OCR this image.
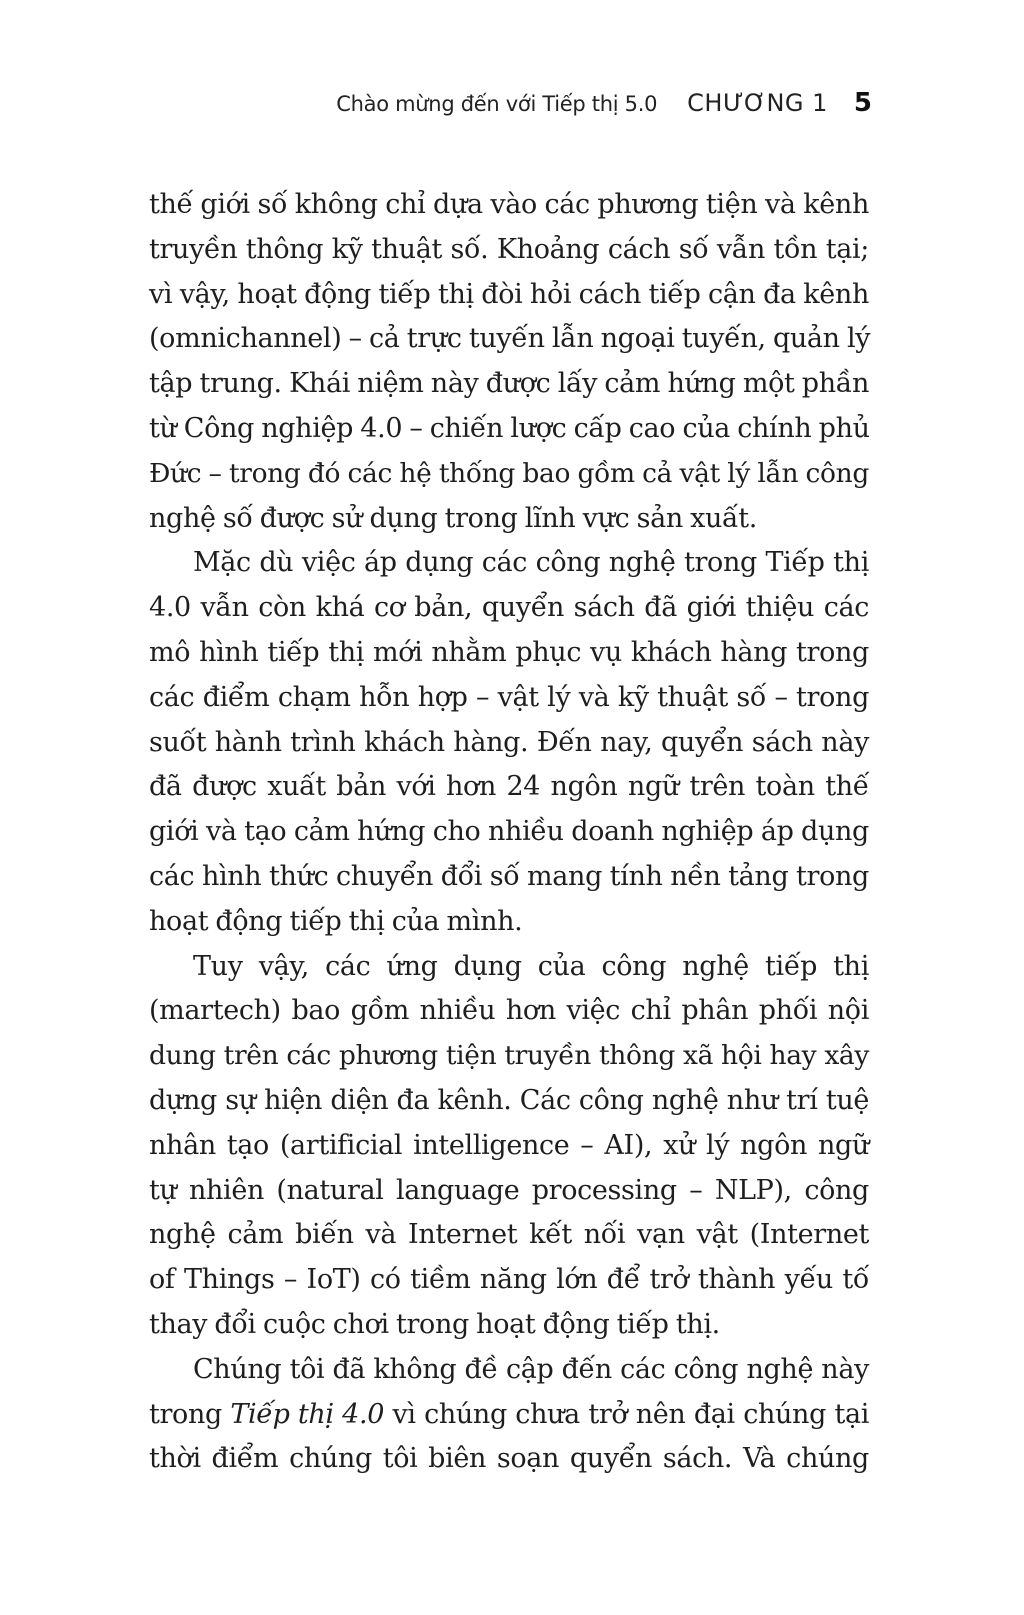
Chào mừng đến với Tiếp thị 5.0 CHƯƠNG 1 5

thế giới số không chỉ dựa vào các phương tiện và kênh
truyền thông kỹ thuật số. Khoảng cách số vẫn tồn tại;
vì vậy, hoạt động tiếp thị đòi hỏi cách tiếp cận đa kênh
(omnichannel) – cả trực tuyến lẫn ngoại tuyến, quản lý
tập trung. Khái niệm này được lấy cảm hứng một phần
từ Công nghiệp 4.0 – chiến lược cấp cao của chính phủ
Đức – trong đó các hệ thống bao gồm cả vật lý lẫn công
nghệ số được sử dụng trong lĩnh vực sản xuất.

Mặc dù việc áp dụng các công nghệ trong Tiếp thị
4.0 vẫn còn khá cơ bản, quyển sách đã giới thiệu các
mô hình tiếp thị mới nhằm phục vụ khách hàng trong
các điểm chạm hỗn hợp – vật lý và kỹ thuật số – trong
suốt hành trình khách hàng. Đến nay, quyển sách này
đã được xuất bản với hơn 24 ngôn ngữ trên toàn thế
giới và tạo cảm hứng cho nhiều doanh nghiệp áp dụng
các hình thức chuyển đổi số mang tính nền tảng trong
hoạt động tiếp thị của mình.

Tuy vậy, các ứng dụng của công nghệ tiếp thị
(martech) bao gồm nhiều hơn việc chỉ phân phối nội
dung trên các phương tiện truyền thông xã hội hay xây
dựng sự hiện diện đa kênh. Các công nghệ như trí tuệ
nhân tạo (artificial intelligence – AI), xử lý ngôn ngữ
tự nhiên (natural language processing – NLP), công
nghệ cảm biến và Internet kết nối vạn vật (Internet
of Things – IoT) có tiềm năng lớn để trở thành yếu tố
thay đổi cuộc chơi trong hoạt động tiếp thị.

Chúng tôi đã không đề cập đến các công nghệ này
trong Tiếp thị 4.0 vì chúng chưa trở nên đại chúng tại
thời điểm chúng tôi biên soạn quyển sách. Và chúng
